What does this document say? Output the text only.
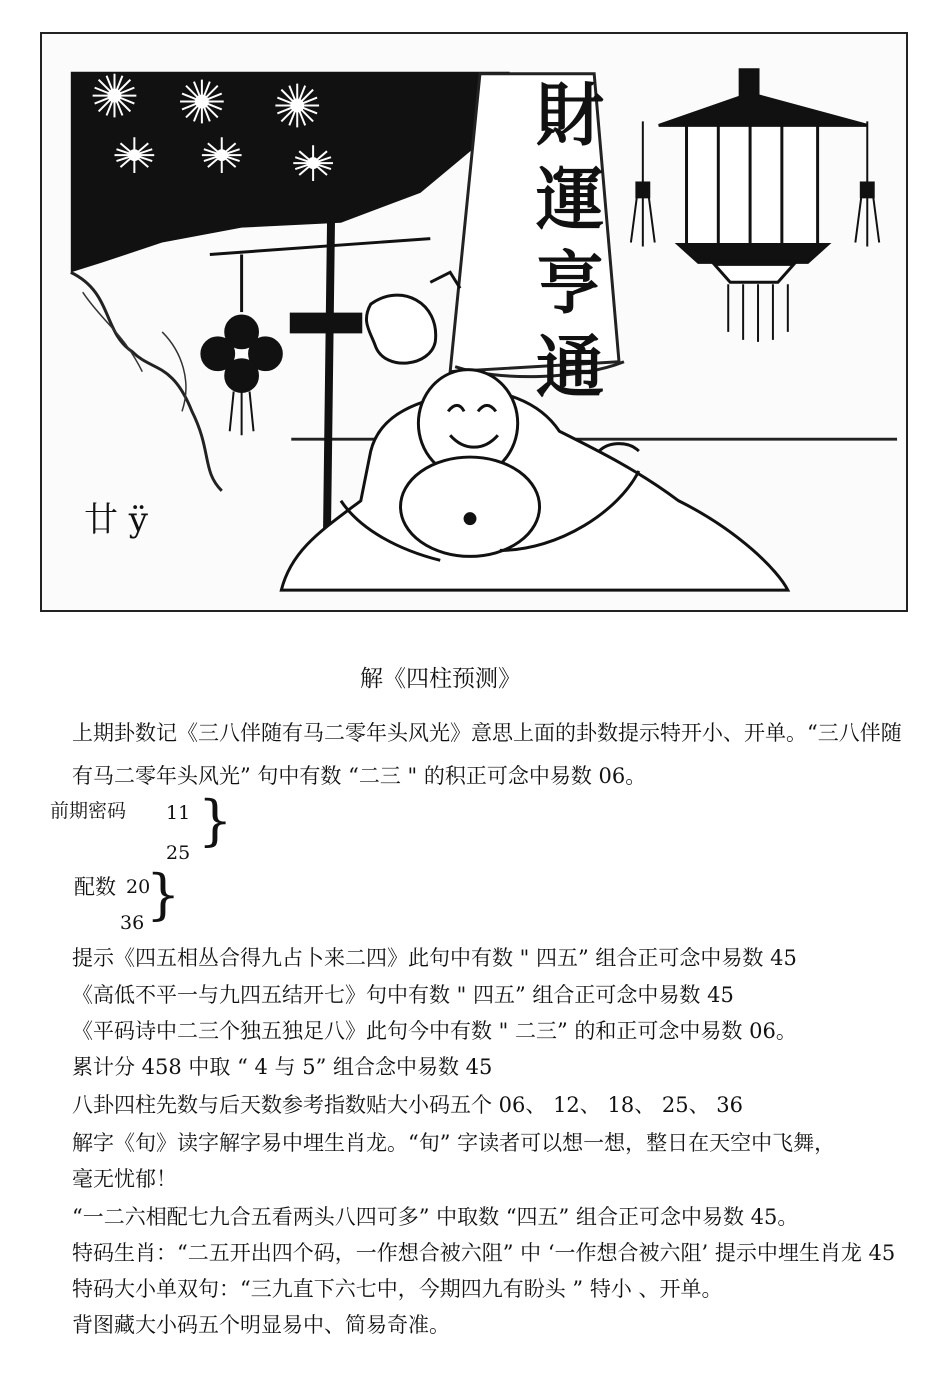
財
運
亨
通
廿 ÿ
解《四柱预测》
上期卦数记《三八伴随有马二零年头风光》意思上面的卦数提示特开小、开单。“三八伴随
有马二零年头风光” 句中有数 “二三 " 的积正可念中易数 06。
前期密码 11
25
}
配数 20
36 }
提示《四五相丛合得九占卜来二四》此句中有数 " 四五” 组合正可念中易数 45
《高低不平一与九四五结开七》句中有数 " 四五” 组合正可念中易数 45
《平码诗中二三个独五独足八》此句今中有数 " 二三” 的和正可念中易数 06。
累计分 458 中取 “ 4 与 5” 组合念中易数 45
八卦四柱先数与后天数参考指数贴大小码五个 06、 12、 18、 25、 36
解字《旬》读字解字易中埋生肖龙。“旬” 字读者可以想一想，整日在天空中飞舞，
毫无忧郁！
“一二六相配七九合五看两头八四可多” 中取数 “四五” 组合正可念中易数 45。
特码生肖：“二五开出四个码，一作想合被六阻” 中 ‘一作想合被六阻’ 提示中埋生肖龙 45
特码大小单双句：“三九直下六七中，今期四九有盼头 ” 特小 、开单。
背图藏大小码五个明显易中、简易奇准。
